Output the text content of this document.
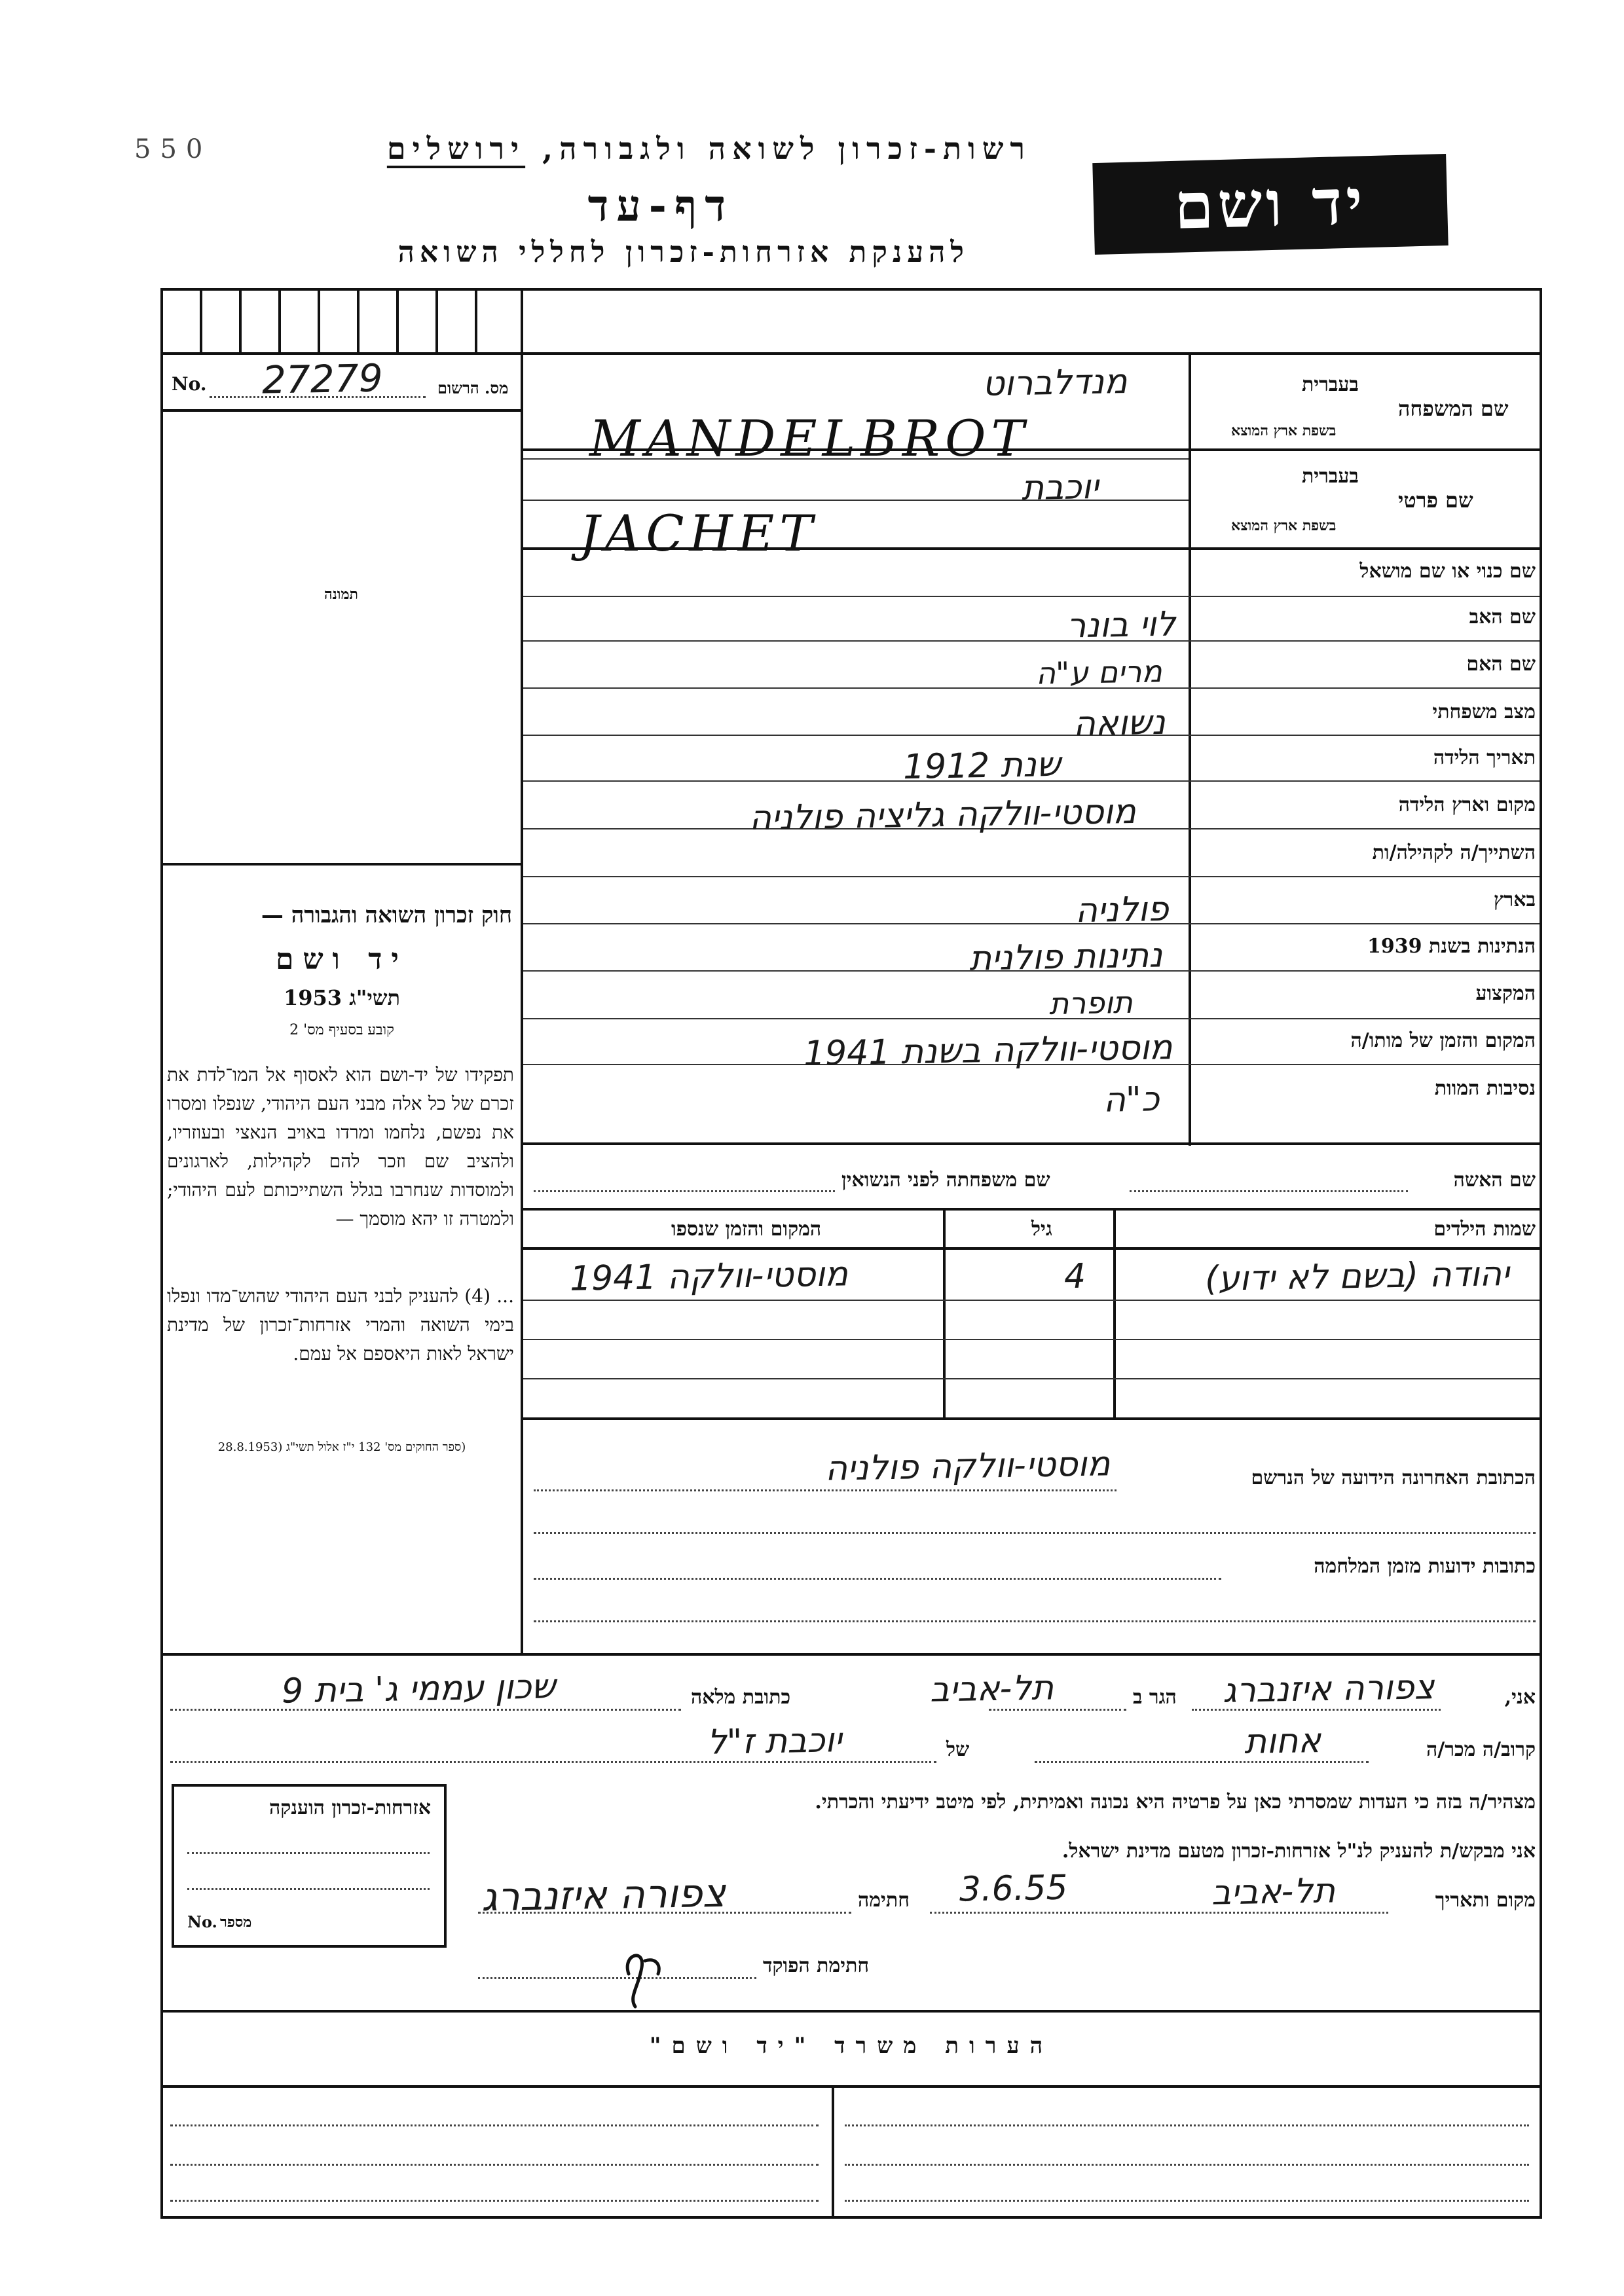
550	רשות-זכרון לשואה ולגבורה, ירושלים
דף-עד
להענקת אזרחות-זכרון לחללי השואה
יד ושם
No. 27279	מס. הרשום
תמונה
חוק זכרון השואה והגבורה —
יד ושם
תשי"ג 1953
קובע בסעיף מס' 2
תפקידו של יד-ושם הוא לאסוף אל המו־לדת את זכרם של כל אלה מבני העם היהודי, שנפלו ומסרו את נפשם, נלחמו ומרדו באויב הנאצי ובעוזריו, ולהציב שם וזכר להם לקהילות, לארגונים ולמוסדות שנחרבו בגלל השתייכותם לעם היהודי; ולמטרה זו יהא מוסמך —
... (4) להעניק לבני העם היהודי שהוש־מדו ונפלו בימי השואה והמרי אזרחות־זכרון של מדינת ישראל לאות היאספם אל עמם.
(ספר החוקים מס' 132 י"ז אלול תשי"ג (28.8.1953
בעברית
שם המשפחה
בשפת ארץ המוצא
מנדלברוט
MANDELBROT
בעברית
שם פרטי
בשפת ארץ המוצא
יוכבת
JACHET
שם כנוי או שם מושאל
שם האב
שם האם
מצב משפחתי
תאריך הלידה
מקום וארץ הלידה
השתייך/ה לקהילה/ות
בארץ
הנתינות בשנת 1939
המקצוע
המקום והזמן של מותו/ה
נסיבות המוות
לוי בונר
מרים ע"ה
נשואה
שנת 1912
מוסטי-וולקה גליציה פולניה
פולניה
נתינות פולנית
תופרת
מוסטי-וולקה בשנת 1941
כ"ה
שם האשה
שם משפחתה לפני הנשואין
שמות הילדים
גיל
המקום והזמן שנספו
יהודה (בשם לא ידוע)
4
מוסטי-וולקה 1941
הכתובת האחרונה הידועה של הנרשם
מוסטי-וולקה פולניה
כתובות ידועות מזמן המלחמה
אני,
צפורה איזנברג
הגר ב
תל-אביב
כתובת מלאה
שכון עממי ג' בית 9
קרוב/ה מכר/ה
אחות
של
יוכבת ז"ל
מצהיר/ה בזה כי העדות שמסרתי כאן על פרטיה היא נכונה ואמיתית, לפי מיטב ידיעתי והכרתי.
אני מבקש/ת להעניק לנ"ל אזרחות-זכרון מטעם מדינת ישראל.
מקום ותאריך
תל-אביב
3.6.55
חתימה
צפורה איזנברג
חתימת הפוקד
אזרחות-זכרון הוענקה
No. מספר
הערות משרד "יד ושם"
